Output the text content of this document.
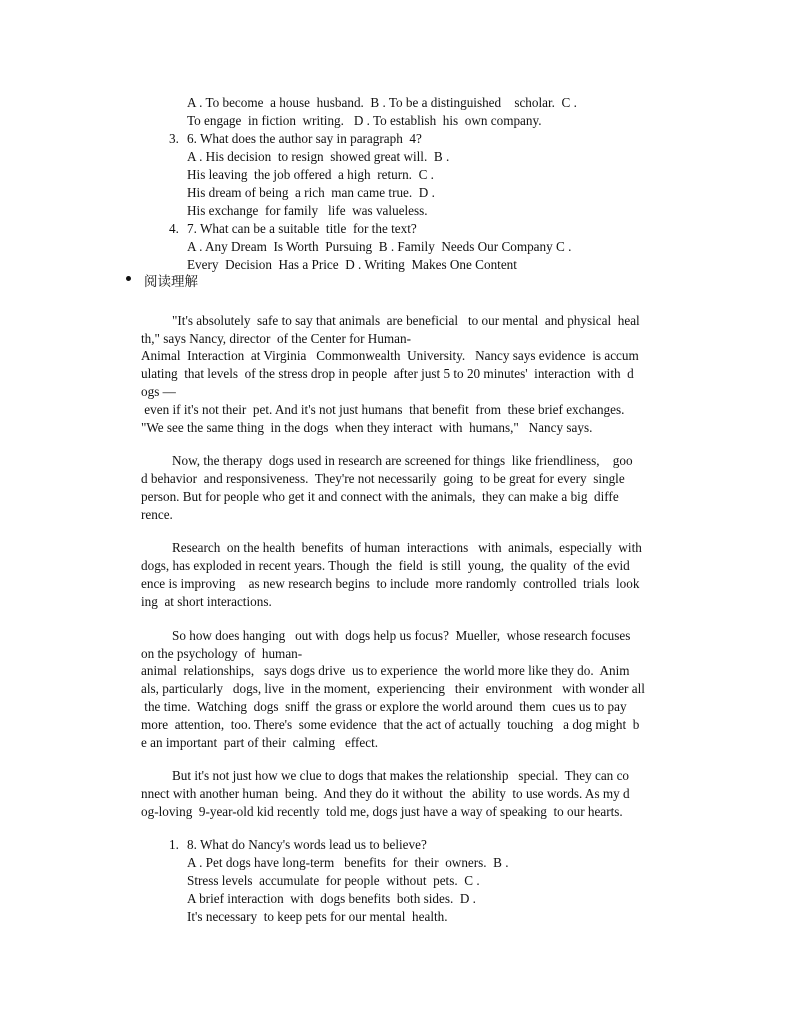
A . To become  a house  husband.  B . To be a distinguished    scholar.  C .
To engage  in fiction  writing.   D . To establish  his  own company.
3. 6. What does the author say in paragraph  4?
A . His decision  to resign  showed great will.  B .
His leaving  the job offered  a high  return.  C .
His dream of being  a rich  man came true.  D .
His exchange  for family   life  was valueless.
4. 7. What can be a suitable  title  for the text?
A . Any Dream  Is Worth  Pursuing  B . Family  Needs Our Company C .
Every  Decision  Has a Price  D . Writing  Makes One Content
阅读理解
"It's absolutely  safe to say that animals  are beneficial   to our mental  and physical  heal
th," says Nancy, director  of the Center for Human-
Animal  Interaction  at Virginia   Commonwealth  University.   Nancy says evidence  is accum
ulating  that levels  of the stress drop in people  after just 5 to 20 minutes'  interaction  with  d
ogs —
even if it's not their  pet. And it's not just humans  that benefit  from  these brief exchanges.
"We see the same thing  in the dogs  when they interact  with  humans,"   Nancy says.
Now, the therapy  dogs used in research are screened for things  like friendliness,    goo
d behavior  and responsiveness.  They're not necessarily  going  to be great for every  single
person. But for people who get it and connect with the animals,  they can make a big  diffe
rence.
Research  on the health  benefits  of human  interactions   with  animals,  especially  with
dogs, has exploded in recent years. Though  the  field  is still  young,  the quality  of the evid
ence is improving    as new research begins  to include  more randomly  controlled  trials  look
ing  at short interactions.
So how does hanging   out with  dogs help us focus?  Mueller,  whose research focuses
on the psychology  of  human-
animal  relationships,   says dogs drive  us to experience  the world more like they do.  Anim
als, particularly   dogs, live  in the moment,  experiencing   their  environment   with wonder all
the time.  Watching  dogs  sniff  the grass or explore the world around  them  cues us to pay
more  attention,  too. There's  some evidence  that the act of actually  touching   a dog might  b
e an important  part of their  calming   effect.
But it's not just how we clue to dogs that makes the relationship   special.  They can co
nnect with another human  being.  And they do it without  the  ability  to use words. As my d
og-loving  9-year-old kid recently  told me, dogs just have a way of speaking  to our hearts.
1. 8. What do Nancy's words lead us to believe?
A . Pet dogs have long-term   benefits  for  their  owners.  B .
Stress levels  accumulate  for people  without  pets.  C .
A brief interaction  with  dogs benefits  both sides.  D .
It's necessary  to keep pets for our mental  health.
